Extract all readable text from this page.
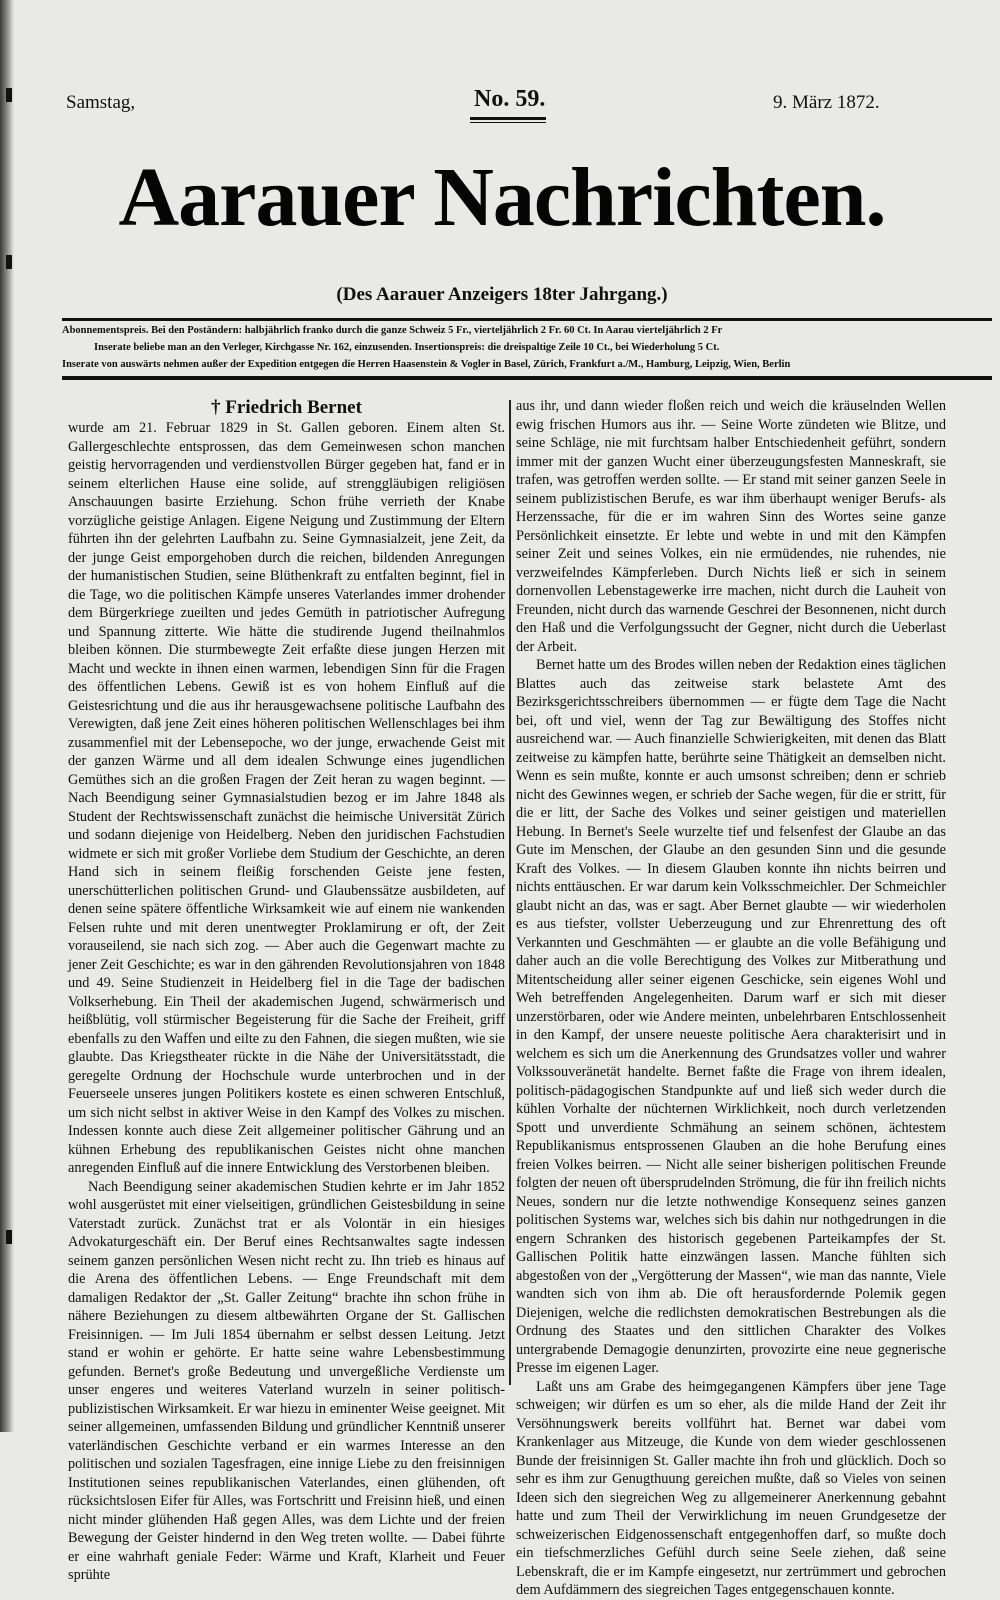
Samstag,	No. 59.	9. März 1872.
Aarauer Nachrichten.
(Des Aarauer Anzeigers 18ter Jahrgang.)
Abonnementspreis. Bei den Poständern: halbjährlich franko durch die ganze Schweiz 5 Fr., vierteljährlich 2 Fr. 60 Ct. In Aarau vierteljährlich 2 Fr
Inserate beliebe man an den Verleger, Kirchgasse Nr. 162, einzusenden. Insertionspreis: die dreispaltige Zeile 10 Ct., bei Wiederholung 5 Ct.
Inserate von auswärts nehmen außer der Expedition entgegen die Herren Haasenstein & Vogler in Basel, Zürich, Frankfurt a./M., Hamburg, Leipzig, Wien, Berlin

† Friedrich Bernet

wurde am 21. Februar 1829 in St. Gallen geboren. Einem alten St. Gallergeschlechte entsprossen, das dem Gemeinwesen schon manchen geistig hervorragenden und verdienstvollen Bürger gegeben hat, fand er in seinem elterlichen Hause eine solide, auf strenggläubigen religiösen Anschauungen basirte Erziehung. Schon frühe verrieth der Knabe vorzügliche geistige Anlagen. Eigene Neigung und Zustimmung der Eltern führten ihn der gelehrten Laufbahn zu. Seine Gymnasialzeit, jene Zeit, da der junge Geist emporgehoben durch die reichen, bildenden Anregungen der humanistischen Studien, seine Blüthenkraft zu entfalten beginnt, fiel in die Tage, wo die politischen Kämpfe unseres Vaterlandes immer drohender dem Bürgerkriege zueilten und jedes Gemüth in patriotischer Aufregung und Spannung zitterte. Wie hätte die studirende Jugend theilnahmlos bleiben können. Die sturmbewegte Zeit erfaßte diese jungen Herzen mit Macht und weckte in ihnen einen warmen, lebendigen Sinn für die Fragen des öffentlichen Lebens. Gewiß ist es von hohem Einfluß auf die Geistesrichtung und die aus ihr herausgewachsene politische Laufbahn des Verewigten, daß jene Zeit eines höheren politischen Wellenschlages bei ihm zusammenfiel mit der Lebensepoche, wo der junge, erwachende Geist mit der ganzen Wärme und all dem idealen Schwunge eines jugendlichen Gemüthes sich an die großen Fragen der Zeit heran zu wagen beginnt. — Nach Beendigung seiner Gymnasialstudien bezog er im Jahre 1848 als Student der Rechtswissenschaft zunächst die heimische Universität Zürich und sodann diejenige von Heidelberg. Neben den juridischen Fachstudien widmete er sich mit großer Vorliebe dem Studium der Geschichte, an deren Hand sich in seinem fleißig forschenden Geiste jene festen, unerschütterlichen politischen Grund- und Glaubenssätze ausbildeten, auf denen seine spätere öffentliche Wirksamkeit wie auf einem nie wankenden Felsen ruhte und mit deren unentwegter Proklamirung er oft, der Zeit vorauseilend, sie nach sich zog. — Aber auch die Gegenwart machte zu jener Zeit Geschichte; es war in den gährenden Revolutionsjahren von 1848 und 49. Seine Studienzeit in Heidelberg fiel in die Tage der badischen Volkserhebung. Ein Theil der akademischen Jugend, schwärmerisch und heißblütig, voll stürmischer Begeisterung für die Sache der Freiheit, griff ebenfalls zu den Waffen und eilte zu den Fahnen, die siegen mußten, wie sie glaubte. Das Kriegstheater rückte in die Nähe der Universitätsstadt, die geregelte Ordnung der Hochschule wurde unterbrochen und in der Feuerseele unseres jungen Politikers kostete es einen schweren Entschluß, um sich nicht selbst in aktiver Weise in den Kampf des Volkes zu mischen. Indessen konnte auch diese Zeit allgemeiner politischer Gährung und an kühnen Erhebung des republikanischen Geistes nicht ohne manchen anregenden Einfluß auf die innere Entwicklung des Verstorbenen bleiben.

Nach Beendigung seiner akademischen Studien kehrte er im Jahr 1852 wohl ausgerüstet mit einer vielseitigen, gründlichen Geistesbildung in seine Vaterstadt zurück. Zunächst trat er als Volontär in ein hiesiges Advokaturgeschäft ein. Der Beruf eines Rechtsanwaltes sagte indessen seinem ganzen persönlichen Wesen nicht recht zu. Ihn trieb es hinaus auf die Arena des öffentlichen Lebens. — Enge Freundschaft mit dem damaligen Redaktor der „St. Galler Zeitung“ brachte ihn schon frühe in nähere Beziehungen zu diesem altbewährten Organe der St. Gallischen Freisinnigen. — Im Juli 1854 übernahm er selbst dessen Leitung. Jetzt stand er wohin er gehörte. Er hatte seine wahre Lebensbestimmung gefunden. Bernet's große Bedeutung und unvergeßliche Verdienste um unser engeres und weiteres Vaterland wurzeln in seiner politisch-publizistischen Wirksamkeit. Er war hiezu in eminenter Weise geeignet. Mit seiner allgemeinen, umfassenden Bildung und gründlicher Kenntniß unserer vaterländischen Geschichte verband er ein warmes Interesse an den politischen und sozialen Tagesfragen, eine innige Liebe zu den freisinnigen Institutionen seines republikanischen Vaterlandes, einen glühenden, oft rücksichtslosen Eifer für Alles, was Fortschritt und Freisinn hieß, und einen nicht minder glühenden Haß gegen Alles, was dem Lichte und der freien Bewegung der Geister hindernd in den Weg treten wollte. — Dabei führte er eine wahrhaft geniale Feder: Wärme und Kraft, Klarheit und Feuer sprühte

aus ihr, und dann wieder floßen reich und weich die kräuselnden Wellen ewig frischen Humors aus ihr. — Seine Worte zündeten wie Blitze, und seine Schläge, nie mit furchtsam halber Entschiedenheit geführt, sondern immer mit der ganzen Wucht einer überzeugungsfesten Manneskraft, sie trafen, was getroffen werden sollte. — Er stand mit seiner ganzen Seele in seinem publizistischen Berufe, es war ihm überhaupt weniger Berufs- als Herzenssache, für die er im wahren Sinn des Wortes seine ganze Persönlichkeit einsetzte. Er lebte und webte in und mit den Kämpfen seiner Zeit und seines Volkes, ein nie ermüdendes, nie ruhendes, nie verzweifelndes Kämpferleben. Durch Nichts ließ er sich in seinem dornenvollen Lebenstagewerke irre machen, nicht durch die Lauheit von Freunden, nicht durch das warnende Geschrei der Besonnenen, nicht durch den Haß und die Verfolgungssucht der Gegner, nicht durch die Ueberlast der Arbeit.

Bernet hatte um des Brodes willen neben der Redaktion eines täglichen Blattes auch das zeitweise stark belastete Amt des Bezirksgerichtsschreibers übernommen — er fügte dem Tage die Nacht bei, oft und viel, wenn der Tag zur Bewältigung des Stoffes nicht ausreichend war. — Auch finanzielle Schwierigkeiten, mit denen das Blatt zeitweise zu kämpfen hatte, berührte seine Thätigkeit an demselben nicht. Wenn es sein mußte, konnte er auch umsonst schreiben; denn er schrieb nicht des Gewinnes wegen, er schrieb der Sache wegen, für die er stritt, für die er litt, der Sache des Volkes und seiner geistigen und materiellen Hebung. In Bernet's Seele wurzelte tief und felsenfest der Glaube an das Gute im Menschen, der Glaube an den gesunden Sinn und die gesunde Kraft des Volkes. — In diesem Glauben konnte ihn nichts beirren und nichts enttäuschen. Er war darum kein Volksschmeichler. Der Schmeichler glaubt nicht an das, was er sagt. Aber Bernet glaubte — wir wiederholen es aus tiefster, vollster Ueberzeugung und zur Ehrenrettung des oft Verkannten und Geschmähten — er glaubte an die volle Befähigung und daher auch an die volle Berechtigung des Volkes zur Mitberathung und Mitentscheidung aller seiner eigenen Geschicke, sein eigenes Wohl und Weh betreffenden Angelegenheiten. Darum warf er sich mit dieser unzerstörbaren, oder wie Andere meinten, unbelehrbaren Entschlossenheit in den Kampf, der unsere neueste politische Aera charakterisirt und in welchem es sich um die Anerkennung des Grundsatzes voller und wahrer Volkssouveränetät handelte. Bernet faßte die Frage von ihrem idealen, politisch-pädagogischen Standpunkte auf und ließ sich weder durch die kühlen Vorhalte der nüchternen Wirklichkeit, noch durch verletzenden Spott und unverdiente Schmähung an seinem schönen, ächtestem Republikanismus entsprossenen Glauben an die hohe Berufung eines freien Volkes beirren. — Nicht alle seiner bisherigen politischen Freunde folgten der neuen oft übersprudelnden Strömung, die für ihn freilich nichts Neues, sondern nur die letzte nothwendige Konsequenz seines ganzen politischen Systems war, welches sich bis dahin nur nothgedrungen in die engern Schranken des historisch gegebenen Parteikampfes der St. Gallischen Politik hatte einzwängen lassen. Manche fühlten sich abgestoßen von der „Vergötterung der Massen“, wie man das nannte, Viele wandten sich von ihm ab. Die oft herausfordernde Polemik gegen Diejenigen, welche die redlichsten demokratischen Bestrebungen als die Ordnung des Staates und den sittlichen Charakter des Volkes untergrabende Demagogie denunzirten, provozirte eine neue gegnerische Presse im eigenen Lager.

Laßt uns am Grabe des heimgegangenen Kämpfers über jene Tage schweigen; wir dürfen es um so eher, als die milde Hand der Zeit ihr Versöhnungswerk bereits vollführt hat. Bernet war dabei vom Krankenlager aus Mitzeuge, die Kunde von dem wieder geschlossenen Bunde der freisinnigen St. Galler machte ihn froh und glücklich. Doch so sehr es ihm zur Genugthuung gereichen mußte, daß so Vieles von seinen Ideen sich den siegreichen Weg zu allgemeinerer Anerkennung gebahnt hatte und zum Theil der Verwirklichung im neuen Grundgesetze der schweizerischen Eidgenossenschaft entgegenhoffen darf, so mußte doch ein tiefschmerzliches Gefühl durch seine Seele ziehen, daß seine Lebenskraft, die er im Kampfe eingesetzt, nur zertrümmert und gebrochen dem Aufdämmern des siegreichen Tages entgegenschauen konnte.
